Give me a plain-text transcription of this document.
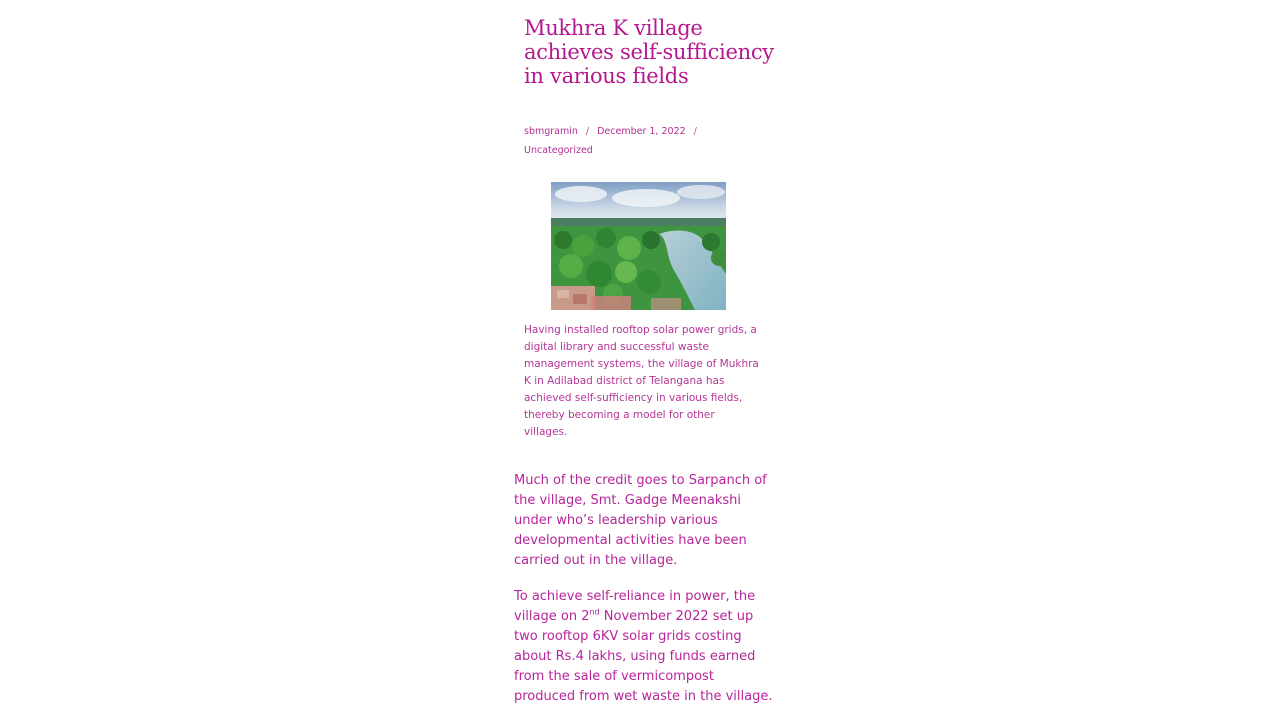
Mukhra K village achieves self-sufficiency in various fields
sbmgramin / December 1, 2022 /
Uncategorized

Having installed rooftop solar power grids, a digital library and successful waste management systems, the village of Mukhra K in Adilabad district of Telangana has achieved self-sufficiency in various fields, thereby becoming a model for other villages.

Much of the credit goes to Sarpanch of the village, Smt. Gadge Meenakshi under who’s leadership various developmental activities have been carried out in the village.

To achieve self-reliance in power, the village on 2nd November 2022 set up two rooftop 6KV solar grids costing about Rs.4 lakhs, using funds earned from the sale of vermicompost produced from wet waste in the village.
